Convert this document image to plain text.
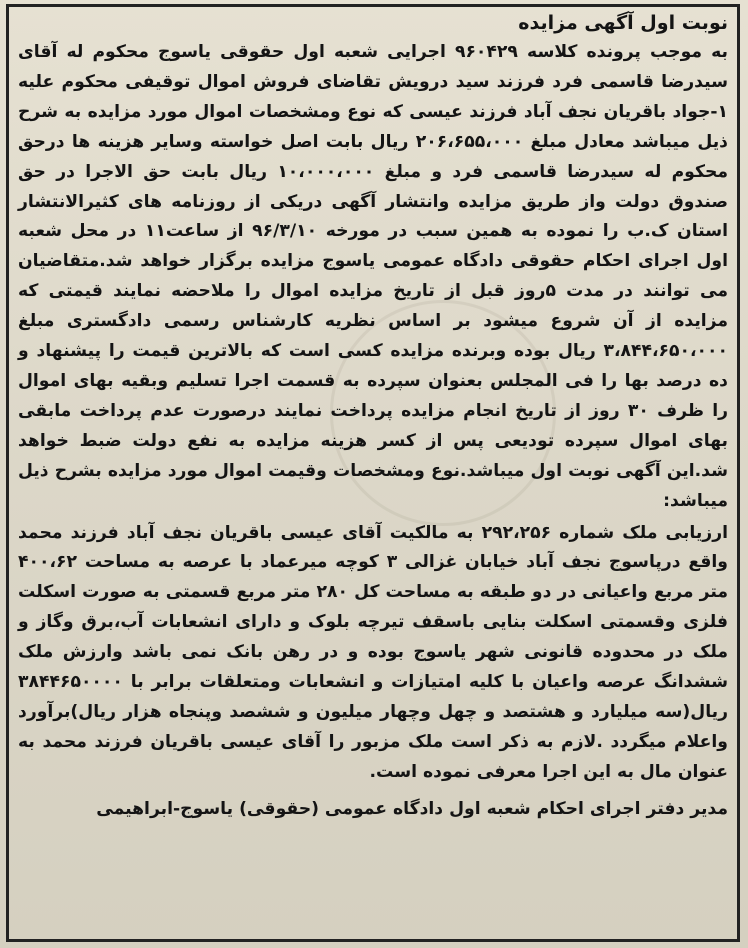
نوبت اول آگهی مزایده

به موجب پرونده کلاسه ۹۶۰۴۲۹ اجرایی شعبه اول حقوقی یاسوج محکوم له آقای سیدرضا قاسمی فرد فرزند سید درویش تقاضای فروش اموال توقیفی محکوم علیه ۱-جواد باقریان نجف آباد فرزند عیسی که نوع ومشخصات اموال مورد مزایده به شرح ذیل میباشد معادل مبلغ ۲۰۶،۶۵۵،۰۰۰ ریال بابت اصل خواسته وسایر هزینه ها درحق محکوم له سیدرضا قاسمی فرد و مبلغ ۱۰،۰۰۰،۰۰۰ ریال بابت حق الاجرا در حق صندوق دولت واز طریق مزایده وانتشار آگهی دریکی از روزنامه های کثیرالانتشار استان ک.ب را نموده به همین سبب در مورخه ۹۶/۳/۱۰ از ساعت۱۱ در محل شعبه اول اجرای احکام حقوقی دادگاه عمومی یاسوج مزایده برگزار خواهد شد.متقاضیان می توانند در مدت ۵روز قبل از تاریخ مزایده اموال را ملاحضه نمایند قیمتی که مزایده از آن شروع میشود بر اساس نظریه کارشناس رسمی دادگستری مبلغ ۳،۸۴۴،۶۵۰،۰۰۰ ریال بوده وبرنده مزایده کسی است که بالاترین قیمت را پیشنهاد و ده درصد بها را فی المجلس بعنوان سپرده به قسمت اجرا تسلیم وبقیه بهای اموال را ظرف ۳۰ روز از تاریخ انجام مزایده پرداخت نمایند درصورت عدم پرداخت مابقی بهای اموال سپرده تودیعی پس از کسر هزینه مزایده به نفع دولت ضبط خواهد شد.این آگهی نوبت اول میباشد.نوع ومشخصات وقیمت اموال مورد مزایده بشرح ذیل میباشد:

ارزیابی ملک شماره ۲۹۲،۲۵۶ به مالکیت آقای عیسی باقریان نجف آباد فرزند محمد واقع درپاسوج نجف آباد خیابان غزالی ۳ کوچه میرعماد با عرصه به مساحت ۴۰۰،۶۲ متر مربع واعیانی در دو طبقه به مساحت کل ۲۸۰ متر مربع قسمتی به صورت اسکلت فلزی وقسمتی اسکلت بنایی باسقف تیرچه بلوک و دارای انشعابات آب،برق وگاز و ملک در محدوده قانونی شهر یاسوج بوده و در رهن بانک نمی باشد وارزش ملک ششدانگ عرصه واعیان با کلیه امتیازات و انشعابات ومتعلقات برابر با ۳۸۴۴۶۵۰۰۰۰ ریال(سه میلیارد و هشتصد و چهل وچهار میلیون و ششصد وپنجاه هزار ریال)برآورد واعلام میگردد .لازم به ذکر است ملک مزبور را آقای عیسی باقریان فرزند محمد به عنوان مال به این اجرا معرفی نموده است.

مدیر دفتر اجرای احکام شعبه اول دادگاه عمومی (حقوقی) یاسوج-ابراهیمی
